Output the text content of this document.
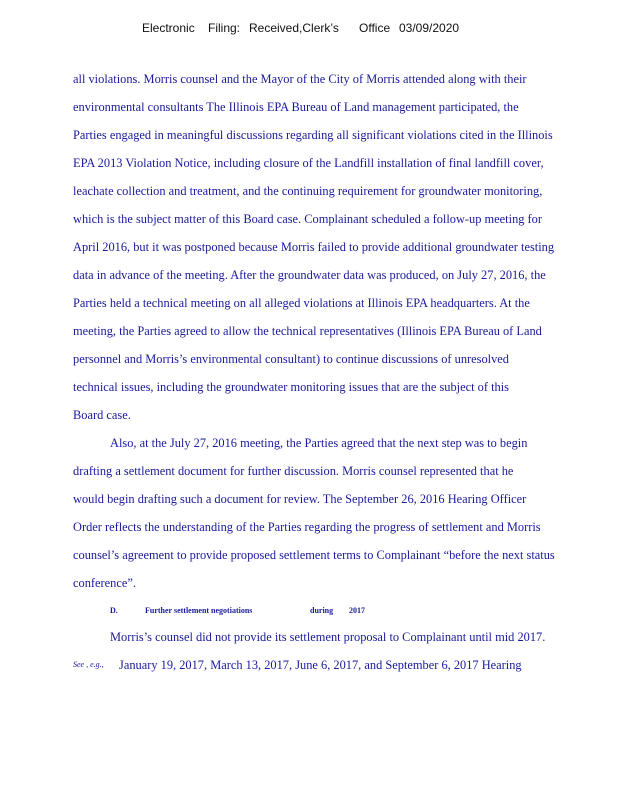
Electronic Filing: Received,Clerk’s Office 03/09/2020
all violations. Morris counsel and the Mayor of the City of Morris attended along with their
environmental consultants The Illinois EPA Bureau of Land management participated, the
Parties engaged in meaningful discussions regarding all significant violations cited in the Illinois
EPA 2013 Violation Notice, including closure of the Landfill installation of final landfill cover,
leachate collection and treatment, and the continuing requirement for groundwater monitoring,
which is the subject matter of this Board case. Complainant scheduled a follow-up meeting for
April 2016, but it was postponed because Morris failed to provide additional groundwater testing
data in advance of the meeting. After the groundwater data was produced, on July 27, 2016, the
Parties held a technical meeting on all alleged violations at Illinois EPA headquarters. At the
meeting, the Parties agreed to allow the technical representatives (Illinois EPA Bureau of Land
personnel and Morris’s environmental consultant) to continue discussions of unresolved
technical issues, including the groundwater monitoring issues that are the subject of this
Board case.
Also, at the July 27, 2016 meeting, the Parties agreed that the next step was to begin
drafting a settlement document for further discussion. Morris counsel represented that he
would begin drafting such a document for review. The September 26, 2016 Hearing Officer
Order reflects the understanding of the Parties regarding the progress of settlement and Morris
counsel’s agreement to provide proposed settlement terms to Complainant “before the next status
conference”.
D.	Further settlement negotiations	during 2017
Morris’s counsel did not provide its settlement proposal to Complainant until mid 2017.
See , e.g., January 19, 2017, March 13, 2017, June 6, 2017, and September 6, 2017 Hearing
